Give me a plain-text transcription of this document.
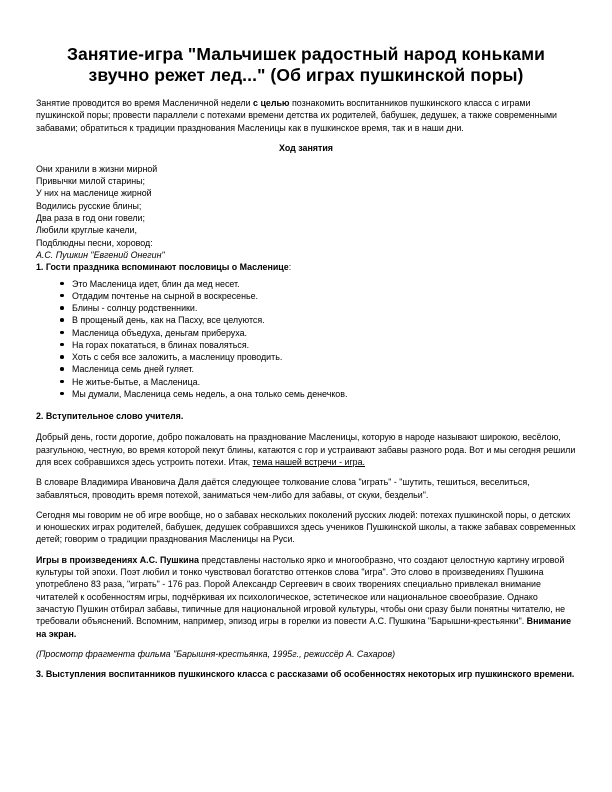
Занятие-игра "Мальчишек радостный народ коньками
звучно режет лед..." (Об играх пушкинской поры)

Занятие проводится во время Масленичной недели с целью познакомить воспитанников пушкинского класса с играми пушкинской поры; провести параллели с потехами времени детства их родителей, бабушек, дедушек, а также современными забавами; обратиться к традиции празднования Масленицы как в пушкинское время, так и в наши дни.

Ход занятия
Они хранили в жизни мирной
Привычки милой старины;
У них на масленице жирной
Водились русские блины;
Два раза в год они говели;
Любили круглые качели,
Подблюдны песни, хоровод:
А.С. Пушкин "Евгений Онегин"
1. Гости праздника вспоминают пословицы о Масленице:
Это Масленица идет, блин да мед несет.
Отдадим почтенье на сырной в воскресенье.
Блины - солнцу родственники.
В прощеный день, как на Пасху, все целуются.
Масленица объедуха, деньгам приберуха.
На горах покататься, в блинах поваляться.
Хоть с себя все заложить, а масленицу проводить.
Масленица семь дней гуляет.
Не житье-бытье, а Масленица.
Мы думали, Масленица семь недель, а она только семь денечков.
2. Вступительное слово учителя.

Добрый день, гости дорогие, добро пожаловать на празднование Масленицы, которую в народе называют широкою, весёлою, разгульною, честную, во время которой пекут блины, катаются с гор и устраивают забавы разного рода. Вот и мы сегодня решили для всех собравшихся здесь устроить потехи. Итак, тема нашей встречи - игра.

В словаре Владимира Ивановича Даля даётся следующее толкование слова "играть" - "шутить, тешиться, веселиться, забавляться, проводить время потехой, заниматься чем-либо для забавы, от скуки, бездельи".

Сегодня мы говорим не об игре вообще, но о забавах нескольких поколений русских людей: потехах пушкинской поры, о детских и юношеских играх родителей, бабушек, дедушек собравшихся здесь учеников Пушкинской школы, а также забавах современных детей; говорим о традиции празднования Масленицы на Руси.

Игры в произведениях А.С. Пушкина представлены настолько ярко и многообразно, что создают целостную картину игровой культуры той эпохи. Поэт любил и тонко чувствовал богатство оттенков слова "игра". Это слово в произведениях Пушкина употреблено 83 раза, "играть" - 176 раз. Порой Александр Сергеевич в своих творениях специально привлекал внимание читателей к особенностям игры, подчёркивая их психологическое, эстетическое или национальное своеобразие. Однако зачастую Пушкин отбирал забавы, типичные для национальной игровой культуры, чтобы они сразу были понятны читателю, не требовали объяснений. Вспомним, например, эпизод игры в горелки из повести А.С. Пушкина "Барышни-крестьянки". Внимание на экран.

(Просмотр фрагмента фильма "Барышня-крестьянка, 1995г., режиссёр А. Сахаров)

3. Выступления воспитанников пушкинского класса с рассказами об особенностях некоторых игр пушкинского времени.
